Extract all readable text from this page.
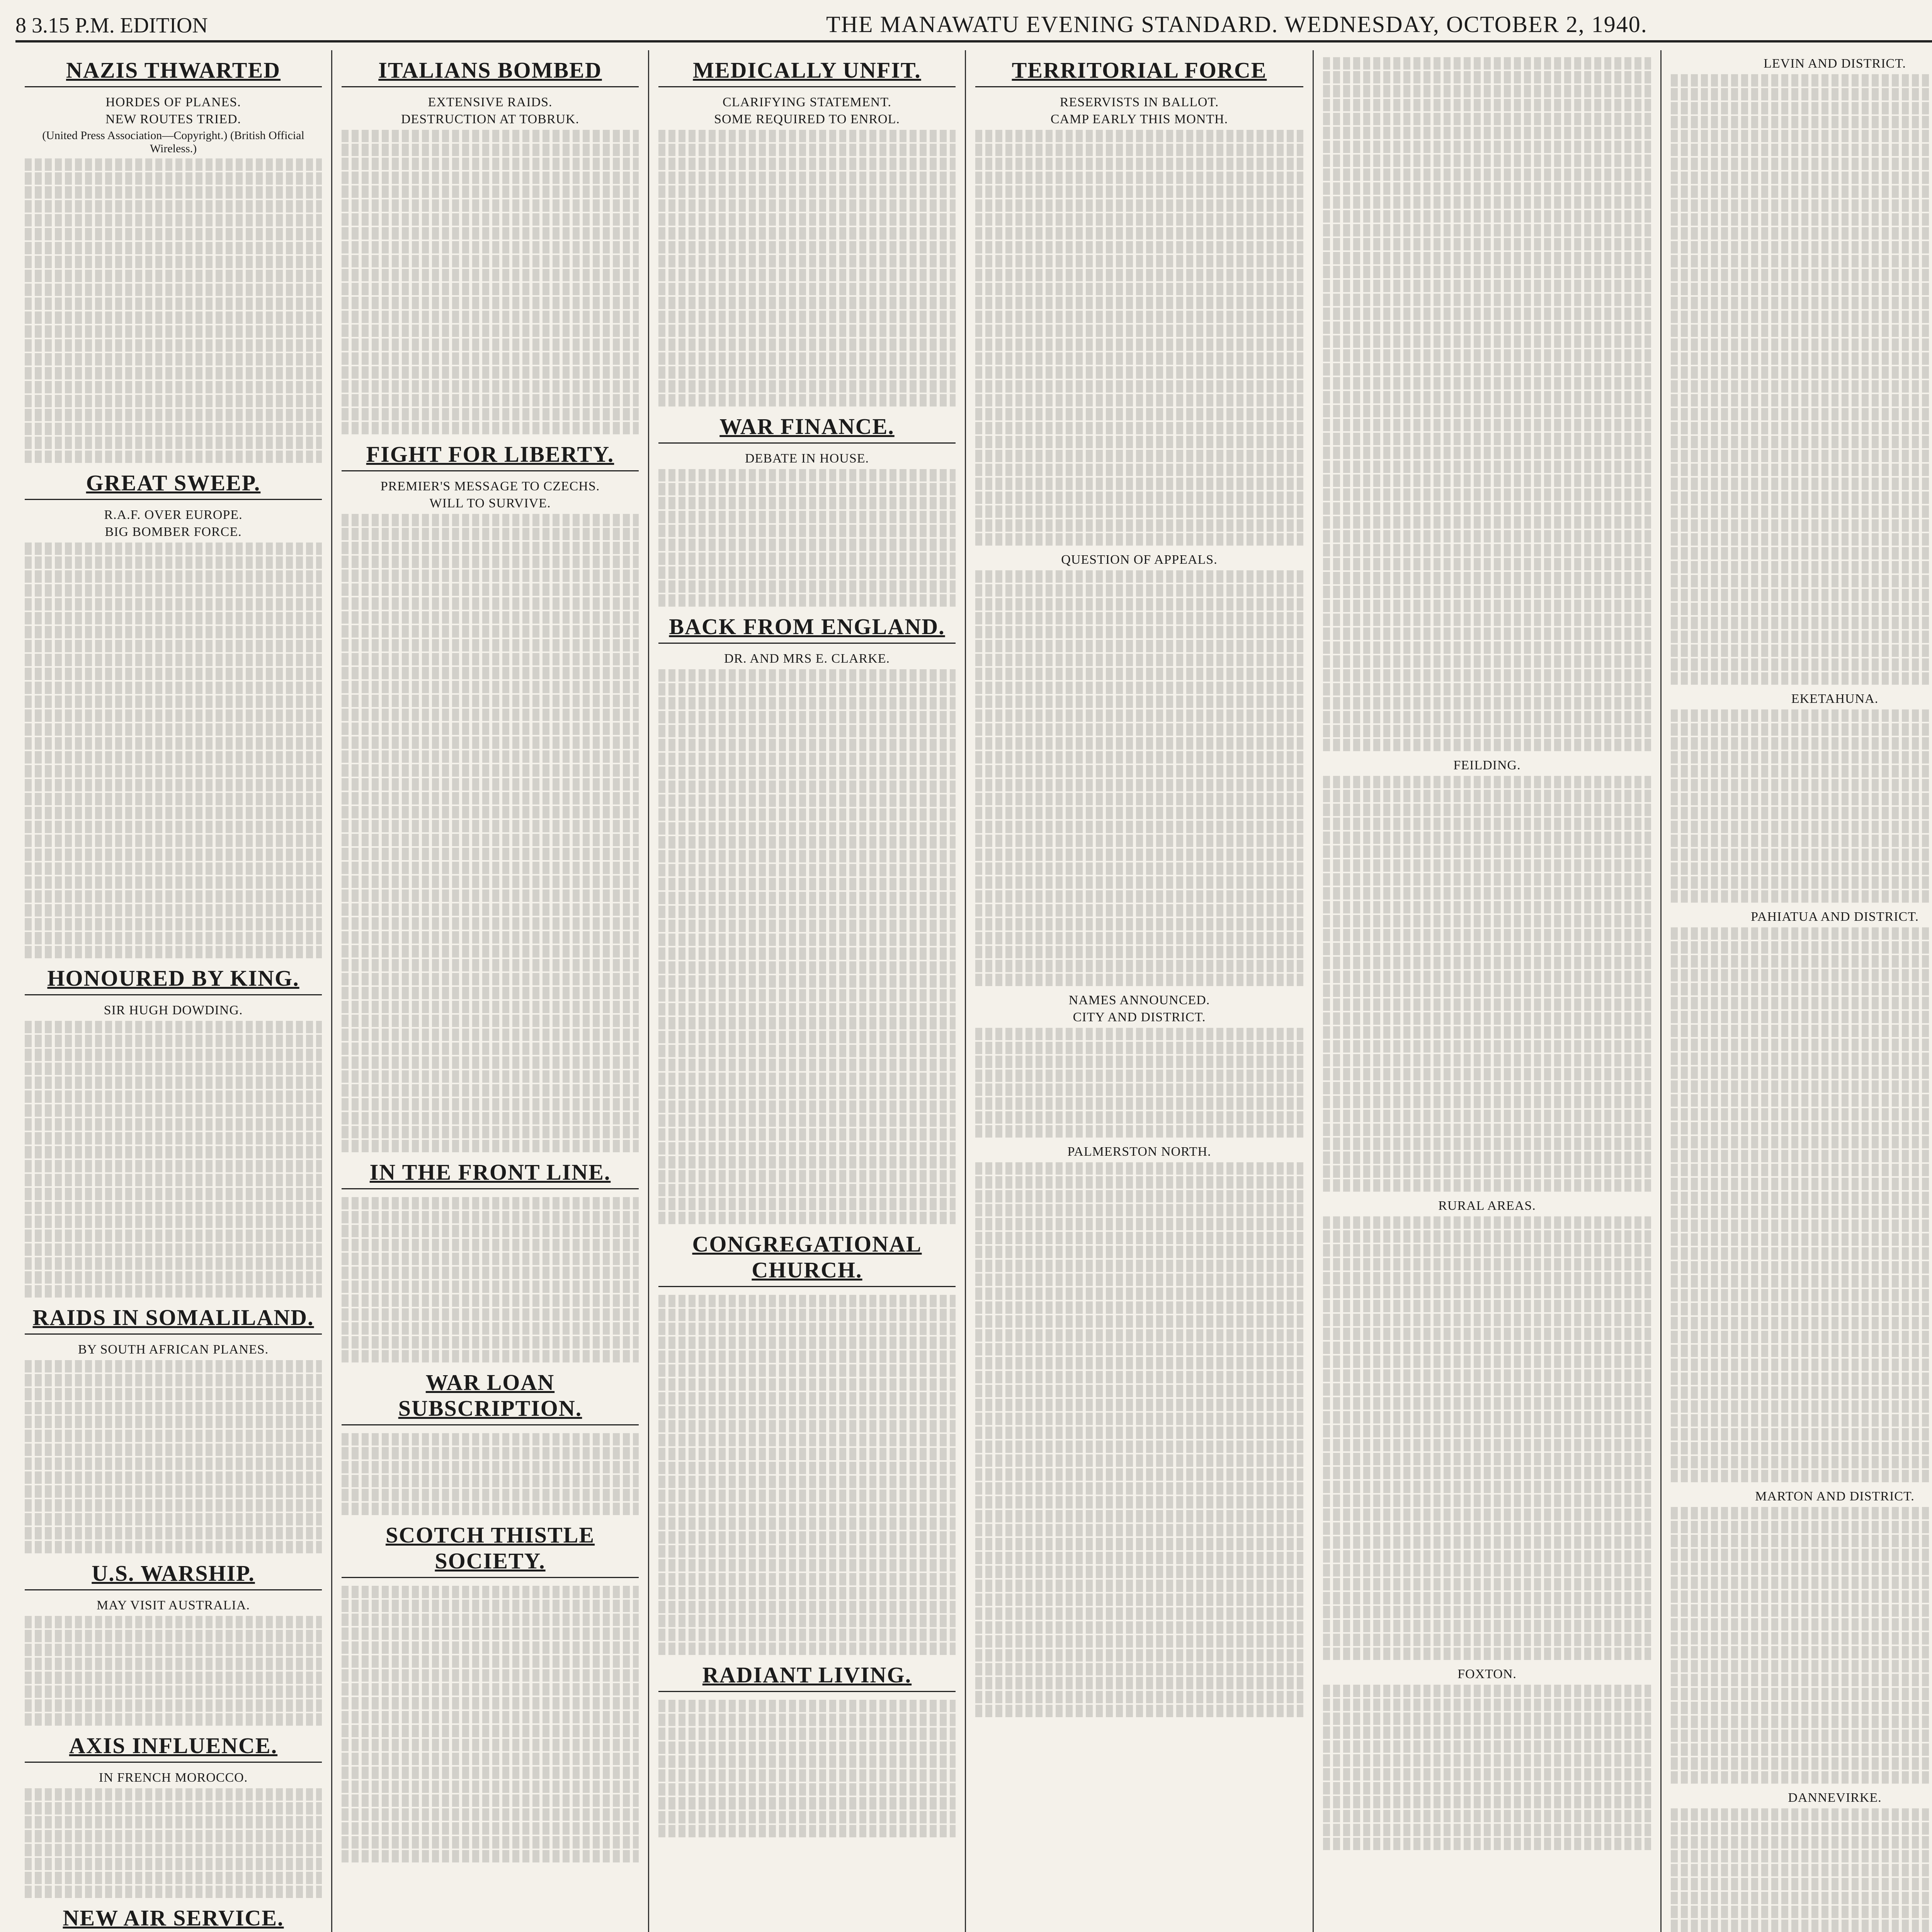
8 3.15 P.M. EDITION	THE MANAWATU EVENING STANDARD. WEDNESDAY, OCTOBER 2, 1940.
NAZIS THWARTED
HORDES OF PLANES.
NEW ROUTES TRIED.
(United Press Association—Copyright.) (British Official Wireless.)
GREAT SWEEP.
R.A.F. OVER EUROPE.
BIG BOMBER FORCE.
HONOURED BY KING.
SIR HUGH DOWDING.
RAIDS IN SOMALILAND.
BY SOUTH AFRICAN PLANES.
U.S. WARSHIP.
MAY VISIT AUSTRALIA.
AXIS INFLUENCE.
IN FRENCH MOROCCO.
NEW AIR SERVICE.
ITALIANS BOMBED
EXTENSIVE RAIDS.
DESTRUCTION AT TOBRUK.
FIGHT FOR LIBERTY.
PREMIER'S MESSAGE TO CZECHS.
WILL TO SURVIVE.
IN THE FRONT LINE.
WAR LOAN SUBSCRIPTION.
SCOTCH THISTLE SOCIETY.
MEDICALLY UNFIT.
CLARIFYING STATEMENT.
SOME REQUIRED TO ENROL.
WAR FINANCE.
DEBATE IN HOUSE.
BACK FROM ENGLAND.
DR. AND MRS E. CLARKE.
CONGREGATIONAL CHURCH.
RADIANT LIVING.
TERRITORIAL FORCE
RESERVISTS IN BALLOT.
CAMP EARLY THIS MONTH.
QUESTION OF APPEALS.
NAMES ANNOUNCED.
CITY AND DISTRICT.
PALMERSTON NORTH.
FEILDING.
RURAL AREAS.
FOXTON.
LEVIN AND DISTRICT.
EKETAHUNA.
PAHIATUA AND DISTRICT.
MARTON AND DISTRICT.
DANNEVIRKE.
